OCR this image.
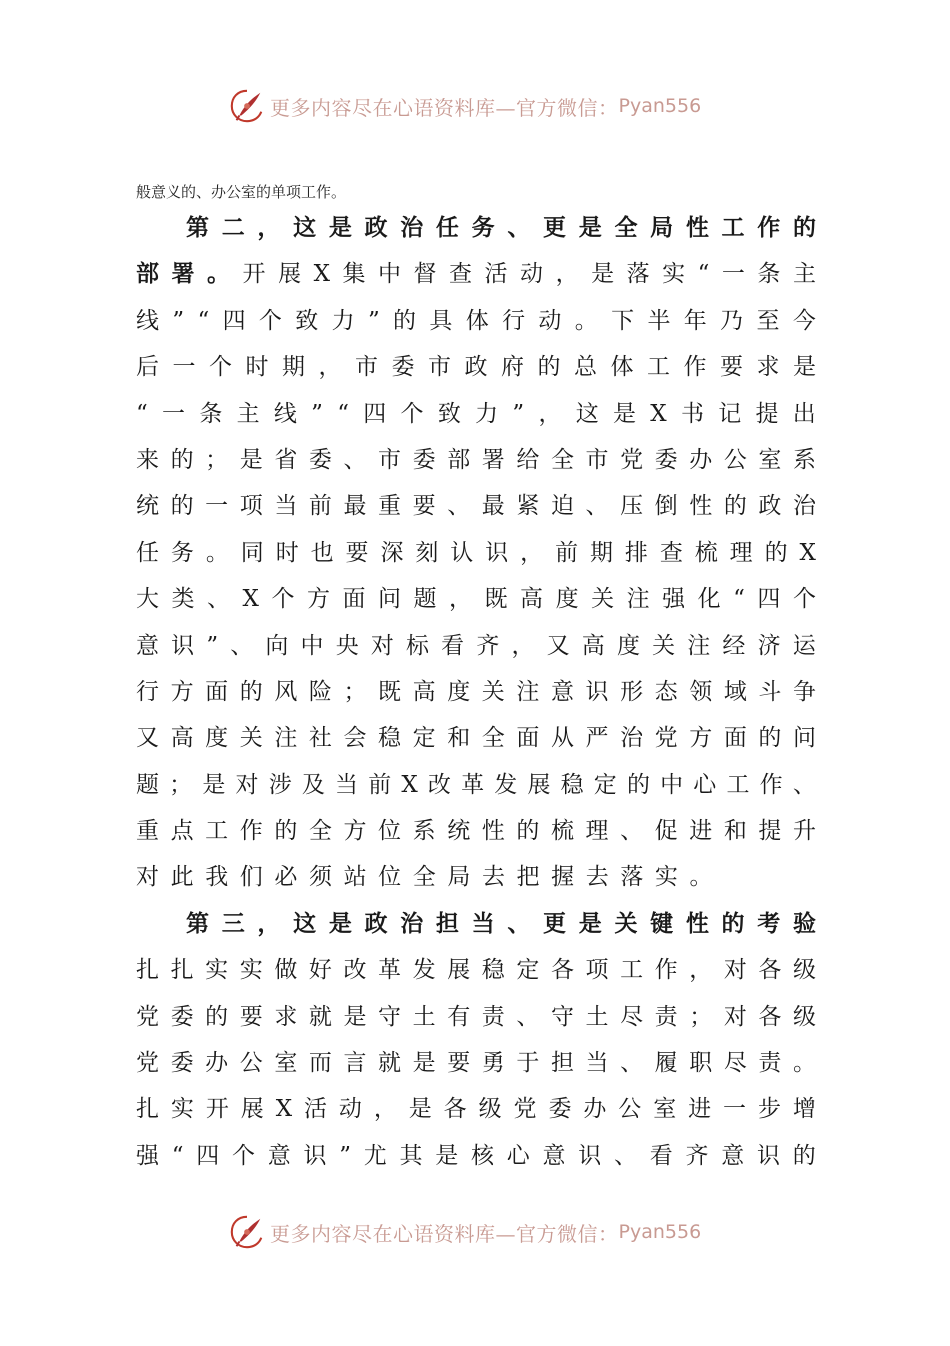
更多内容尽在心语资料库—官方微信： Pyan556
般意义的、办公室的单项工作。
第 二 ， 这 是 政 治 任 务 、 更 是 全 局 性 工 作 的
部 署 。 开 展 X 集 中 督 查 活 动 ， 是 落 实 “ 一 条 主
线 ” “ 四 个 致 力 ” 的 具 体 行 动 。 下 半 年 乃 至 今
后 一 个 时 期 ， 市 委 市 政 府 的 总 体 工 作 要 求 是
“ 一 条 主 线 ” “ 四 个 致 力 ” ， 这 是 X 书 记 提 出
来 的 ； 是 省 委 、 市 委 部 署 给 全 市 党 委 办 公 室 系
统 的 一 项 当 前 最 重 要 、 最 紧 迫 、 压 倒 性 的 政 治
任 务 。 同 时 也 要 深 刻 认 识 ， 前 期 排 查 梳 理 的 X
大 类 、 X 个 方 面 问 题 ， 既 高 度 关 注 强 化 “ 四 个
意 识 ” 、 向 中 央 对 标 看 齐 ， 又 高 度 关 注 经 济 运
行 方 面 的 风 险 ； 既 高 度 关 注 意 识 形 态 领 域 斗 争
又 高 度 关 注 社 会 稳 定 和 全 面 从 严 治 党 方 面 的 问
题 ； 是 对 涉 及 当 前 X 改 革 发 展 稳 定 的 中 心 工 作 、
重 点 工 作 的 全 方 位 系 统 性 的 梳 理 、 促 进 和 提 升
对 此 我 们 必 须 站 位 全 局 去 把 握 去 落 实 。
第 三 ， 这 是 政 治 担 当 、 更 是 关 键 性 的 考 验
扎 扎 实 实 做 好 改 革 发 展 稳 定 各 项 工 作 ， 对 各 级
党 委 的 要 求 就 是 守 土 有 责 、 守 土 尽 责 ； 对 各 级
党 委 办 公 室 而 言 就 是 要 勇 于 担 当 、 履 职 尽 责 。
扎 实 开 展 X 活 动 ， 是 各 级 党 委 办 公 室 进 一 步 增
强 “ 四 个 意 识 ” 尤 其 是 核 心 意 识 、 看 齐 意 识 的
更多内容尽在心语资料库—官方微信： Pyan556
